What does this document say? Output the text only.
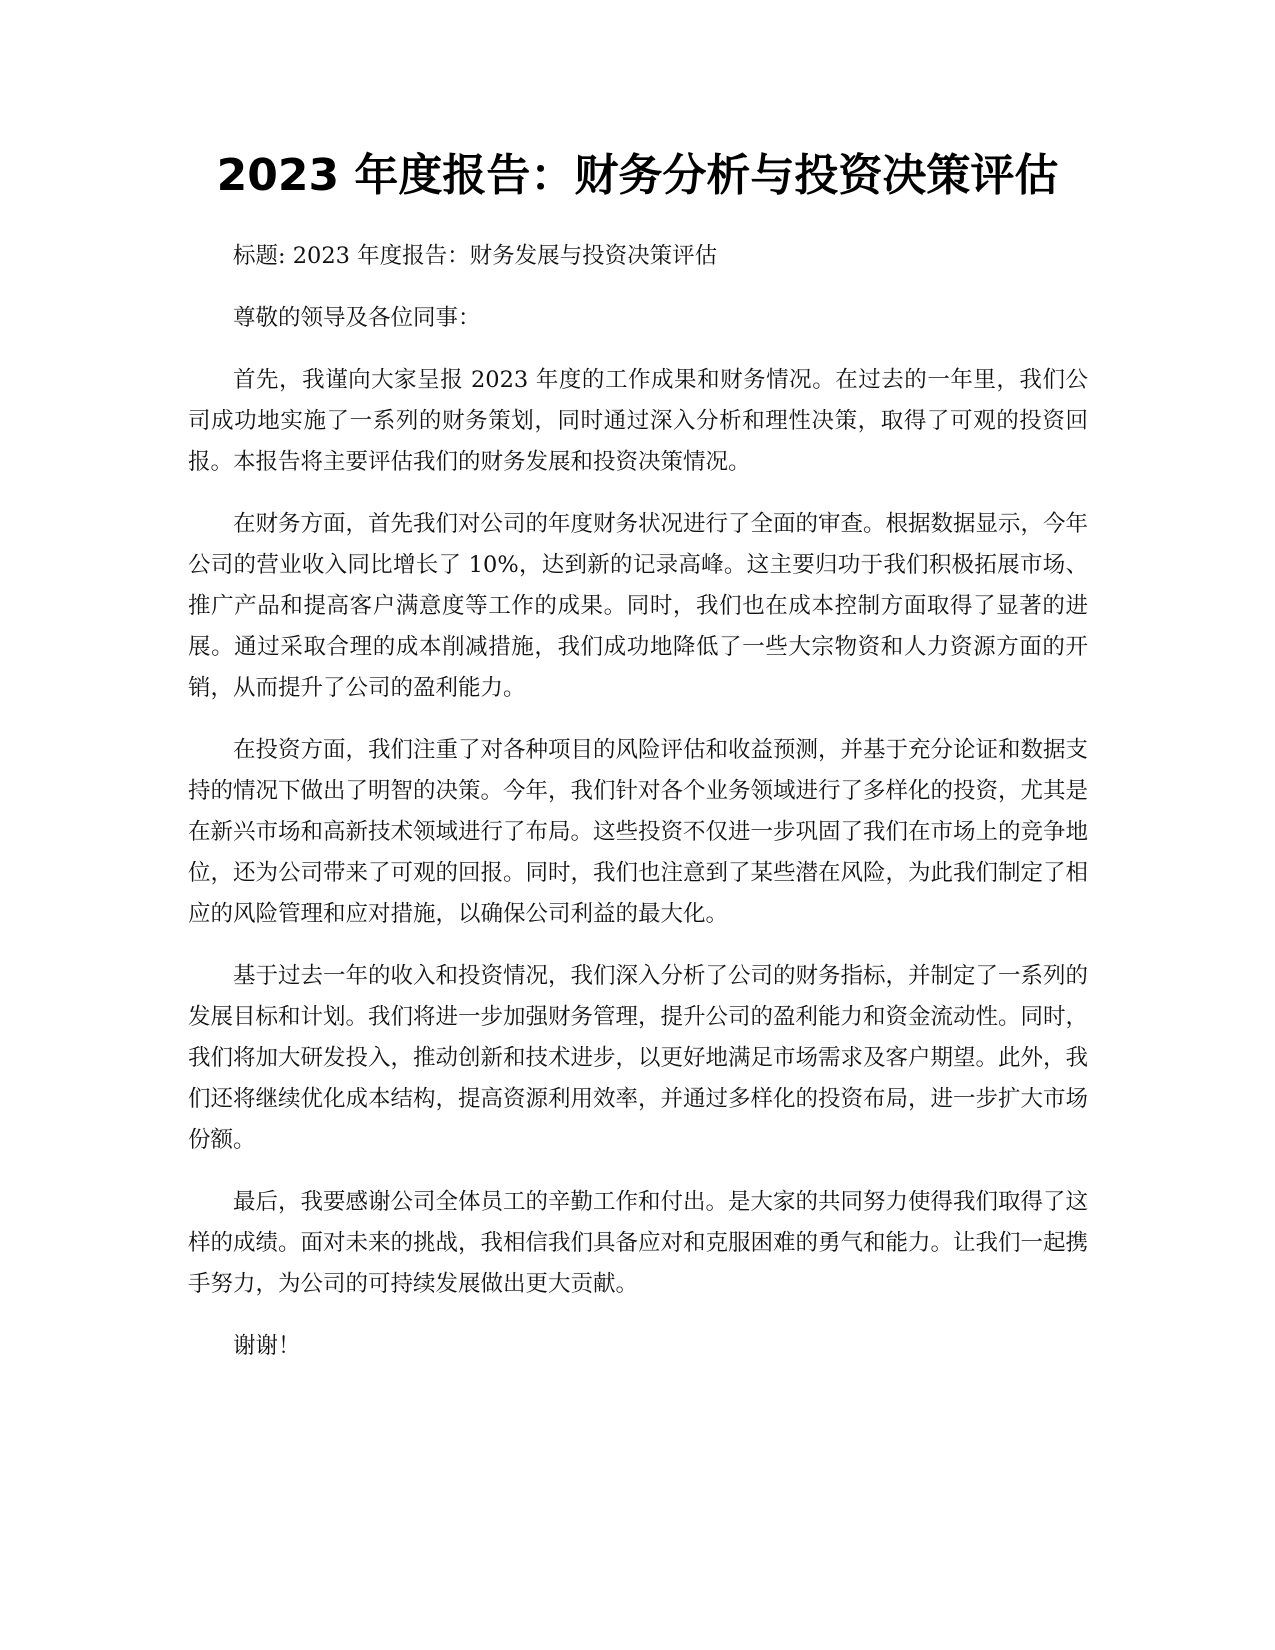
2023 年度报告：财务分析与投资决策评估

标题: 2023 年度报告：财务发展与投资决策评估

尊敬的领导及各位同事：

首先，我谨向大家呈报 2023 年度的工作成果和财务情况。在过去的一年里，我们公司成功地实施了一系列的财务策划，同时通过深入分析和理性决策，取得了可观的投资回报。本报告将主要评估我们的财务发展和投资决策情况。

在财务方面，首先我们对公司的年度财务状况进行了全面的审查。根据数据显示，今年公司的营业收入同比增长了 10%，达到新的记录高峰。这主要归功于我们积极拓展市场、推广产品和提高客户满意度等工作的成果。同时，我们也在成本控制方面取得了显著的进展。通过采取合理的成本削减措施，我们成功地降低了一些大宗物资和人力资源方面的开销，从而提升了公司的盈利能力。

在投资方面，我们注重了对各种项目的风险评估和收益预测，并基于充分论证和数据支持的情况下做出了明智的决策。今年，我们针对各个业务领域进行了多样化的投资，尤其是在新兴市场和高新技术领域进行了布局。这些投资不仅进一步巩固了我们在市场上的竞争地位，还为公司带来了可观的回报。同时，我们也注意到了某些潜在风险，为此我们制定了相应的风险管理和应对措施，以确保公司利益的最大化。

基于过去一年的收入和投资情况，我们深入分析了公司的财务指标，并制定了一系列的发展目标和计划。我们将进一步加强财务管理，提升公司的盈利能力和资金流动性。同时，我们将加大研发投入，推动创新和技术进步，以更好地满足市场需求及客户期望。此外，我们还将继续优化成本结构，提高资源利用效率，并通过多样化的投资布局，进一步扩大市场份额。

最后，我要感谢公司全体员工的辛勤工作和付出。是大家的共同努力使得我们取得了这样的成绩。面对未来的挑战，我相信我们具备应对和克服困难的勇气和能力。让我们一起携手努力，为公司的可持续发展做出更大贡献。

谢谢！
